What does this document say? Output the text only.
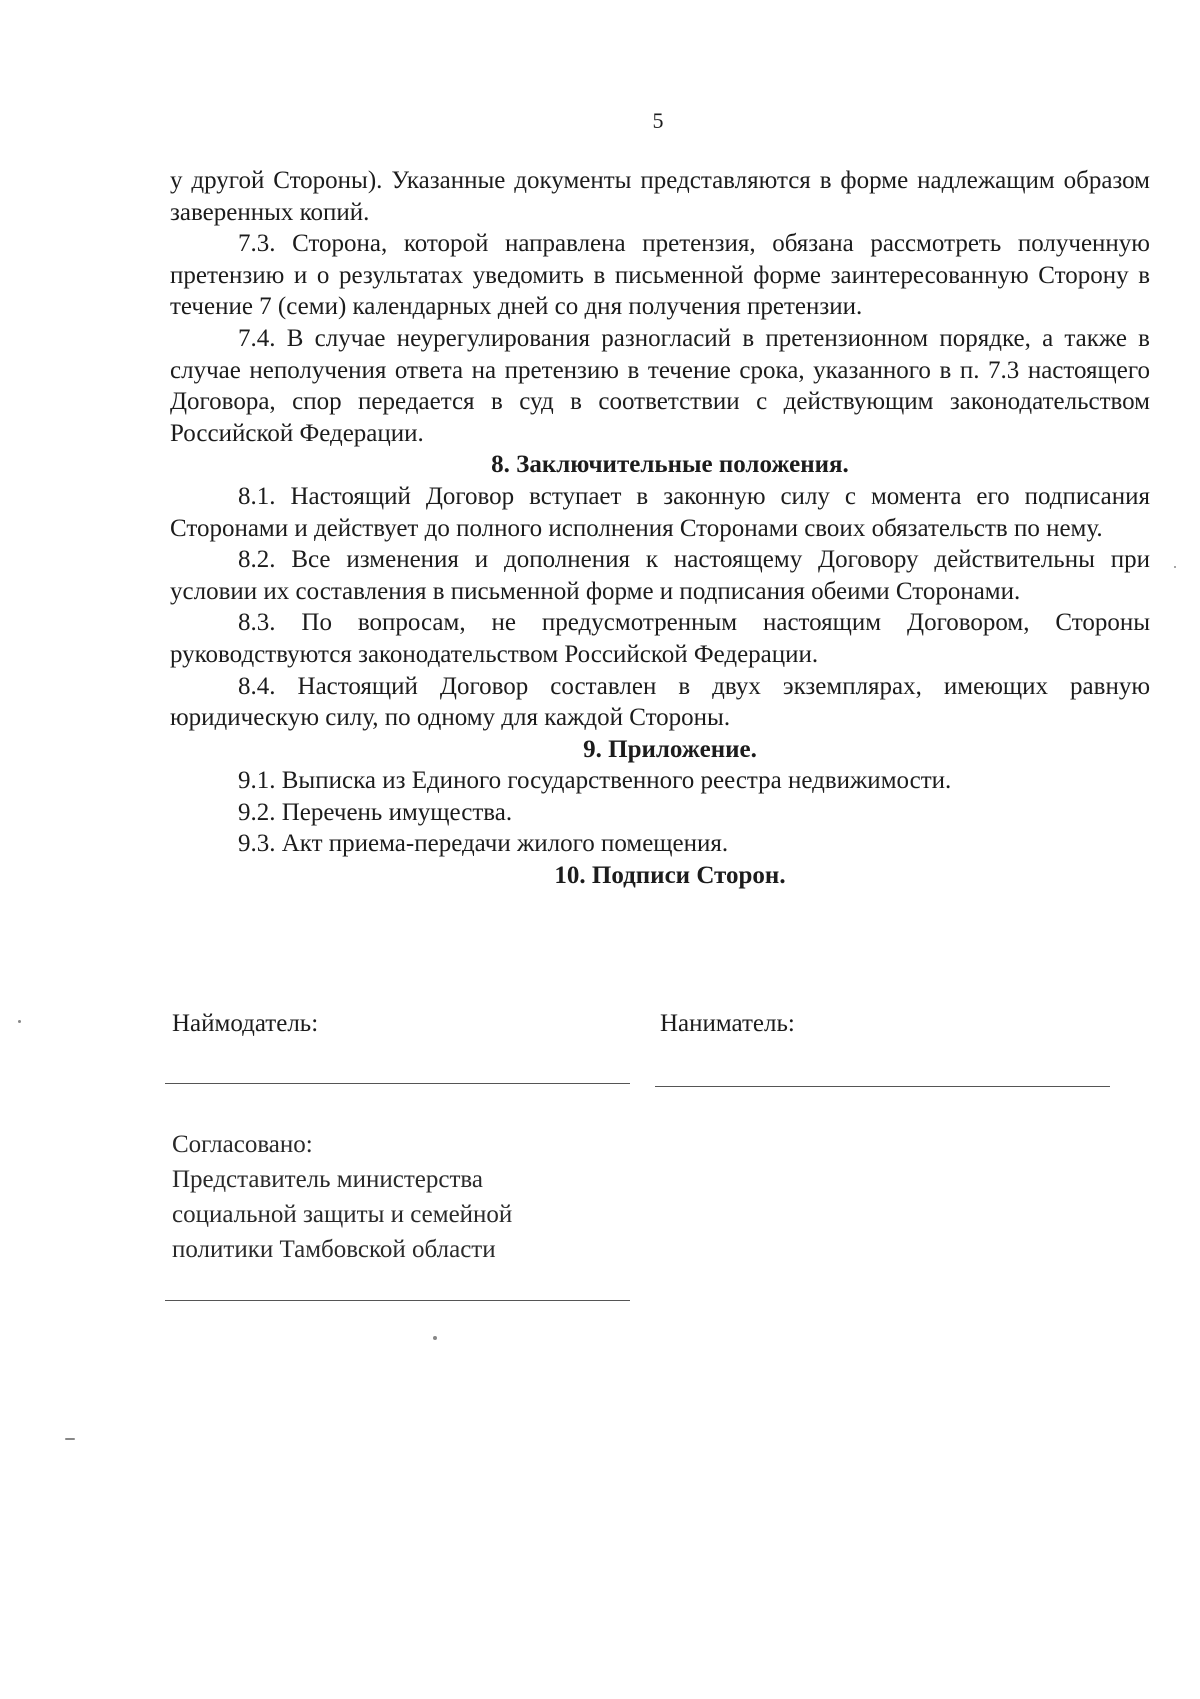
5

у другой Стороны). Указанные документы представляются в форме надлежащим образом заверенных копий.

7.3. Сторона, которой направлена претензия, обязана рассмотреть полученную претензию и о результатах уведомить в письменной форме заинтересованную Сторону в течение 7 (семи) календарных дней со дня получения претензии.

7.4. В случае неурегулирования разногласий в претензионном порядке, а также в случае неполучения ответа на претензию в течение срока, указанного в п. 7.3 настоящего Договора, спор передается в суд в соответствии с действующим законодательством Российской Федерации.

8. Заключительные положения.

8.1. Настоящий Договор вступает в законную силу с момента его подписания Сторонами и действует до полного исполнения Сторонами своих обязательств по нему.

8.2. Все изменения и дополнения к настоящему Договору действительны при условии их составления в письменной форме и подписания обеими Сторонами.

8.3. По вопросам, не предусмотренным настоящим Договором, Стороны руководствуются законодательством Российской Федерации.

8.4. Настоящий Договор составлен в двух экземплярах, имеющих равную юридическую силу, по одному для каждой Стороны.

9. Приложение.

9.1. Выписка из Единого государственного реестра недвижимости.

9.2. Перечень имущества.

9.3. Акт приема-передачи жилого помещения.

10. Подписи Сторон.

Наймодатель:	Наниматель:
Согласовано:
Представитель министерства
социальной защиты и семейной
политики Тамбовской области
